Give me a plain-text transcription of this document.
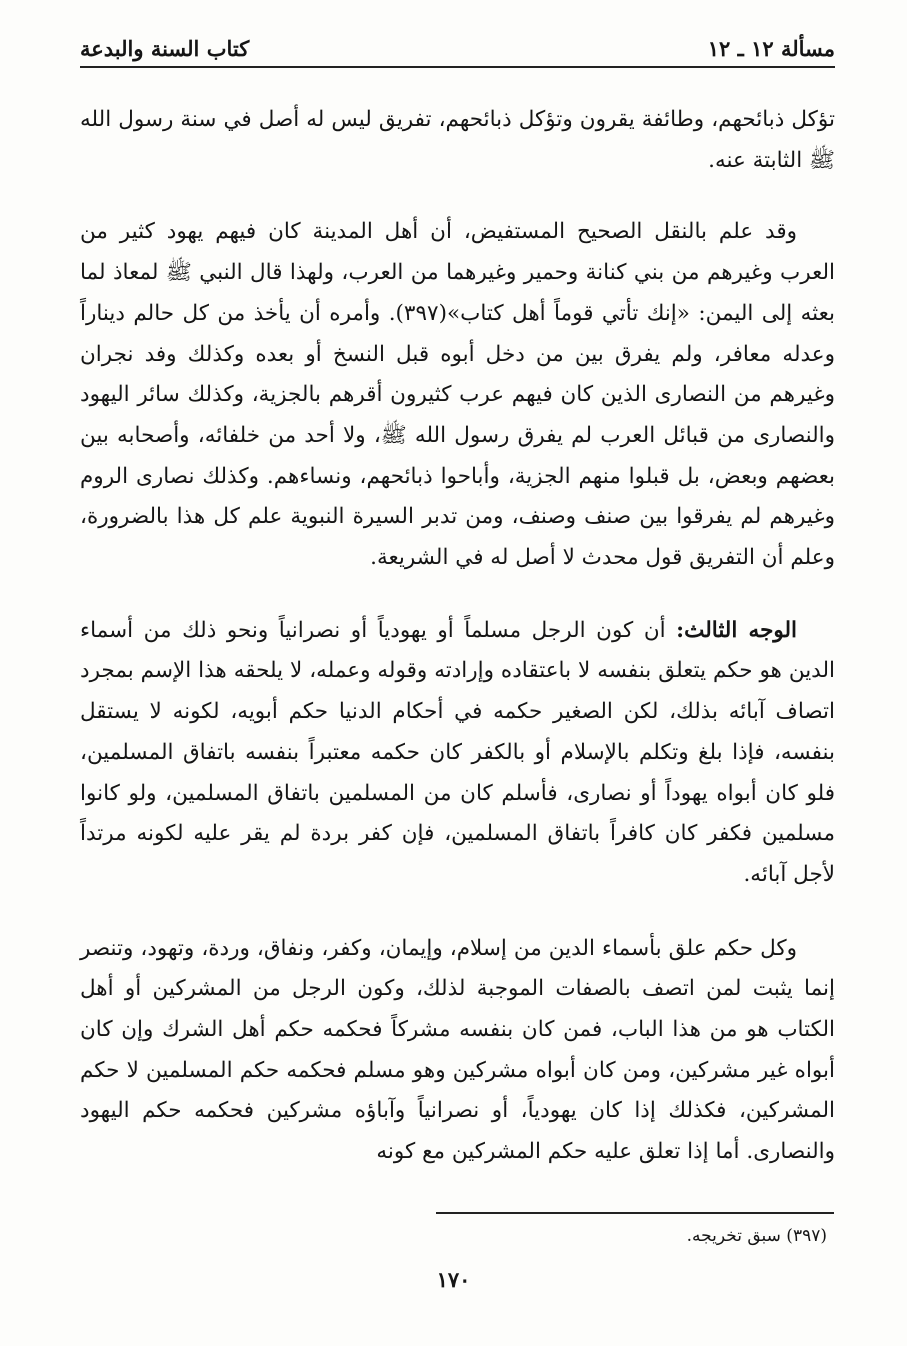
مسألة ١٢ ـ ١٢
كتاب السنة والبدعة

تؤكل ذبائحهم، وطائفة يقرون وتؤكل ذبائحهم، تفريق ليس له أصل في سنة رسول الله ﷺ الثابتة عنه.

وقد علم بالنقل الصحيح المستفيض، أن أهل المدينة كان فيهم يهود كثير من العرب وغيرهم من بني كنانة وحمير وغيرهما من العرب، ولهذا قال النبي ﷺ لمعاذ لما بعثه إلى اليمن: «إنك تأتي قوماً أهل كتاب»(٣٩٧). وأمره أن يأخذ من كل حالم ديناراً وعدله معافر، ولم يفرق بين من دخل أبوه قبل النسخ أو بعده وكذلك وفد نجران وغيرهم من النصارى الذين كان فيهم عرب كثيرون أقرهم بالجزية، وكذلك سائر اليهود والنصارى من قبائل العرب لم يفرق رسول الله ﷺ، ولا أحد من خلفائه، وأصحابه بين بعضهم وبعض، بل قبلوا منهم الجزية، وأباحوا ذبائحهم، ونساءهم. وكذلك نصارى الروم وغيرهم لم يفرقوا بين صنف وصنف، ومن تدبر السيرة النبوية علم كل هذا بالضرورة، وعلم أن التفريق قول محدث لا أصل له في الشريعة.

الوجه الثالث: أن كون الرجل مسلماً أو يهودياً أو نصرانياً ونحو ذلك من أسماء الدين هو حكم يتعلق بنفسه لا باعتقاده وإرادته وقوله وعمله، لا يلحقه هذا الإسم بمجرد اتصاف آبائه بذلك، لكن الصغير حكمه في أحكام الدنيا حكم أبويه، لكونه لا يستقل بنفسه، فإذا بلغ وتكلم بالإسلام أو بالكفر كان حكمه معتبراً بنفسه باتفاق المسلمين، فلو كان أبواه يهوداً أو نصارى، فأسلم كان من المسلمين باتفاق المسلمين، ولو كانوا مسلمين فكفر كان كافراً باتفاق المسلمين، فإن كفر بردة لم يقر عليه لكونه مرتداً لأجل آبائه.

وكل حكم علق بأسماء الدين من إسلام، وإيمان، وكفر، ونفاق، وردة، وتهود، وتنصر إنما يثبت لمن اتصف بالصفات الموجبة لذلك، وكون الرجل من المشركين أو أهل الكتاب هو من هذا الباب، فمن كان بنفسه مشركاً فحكمه حكم أهل الشرك وإن كان أبواه غير مشركين، ومن كان أبواه مشركين وهو مسلم فحكمه حكم المسلمين لا حكم المشركين، فكذلك إذا كان يهودياً، أو نصرانياً وآباؤه مشركين فحكمه حكم اليهود والنصارى. أما إذا تعلق عليه حكم المشركين مع كونه

(٣٩٧) سبق تخريجه.
١٧٠
